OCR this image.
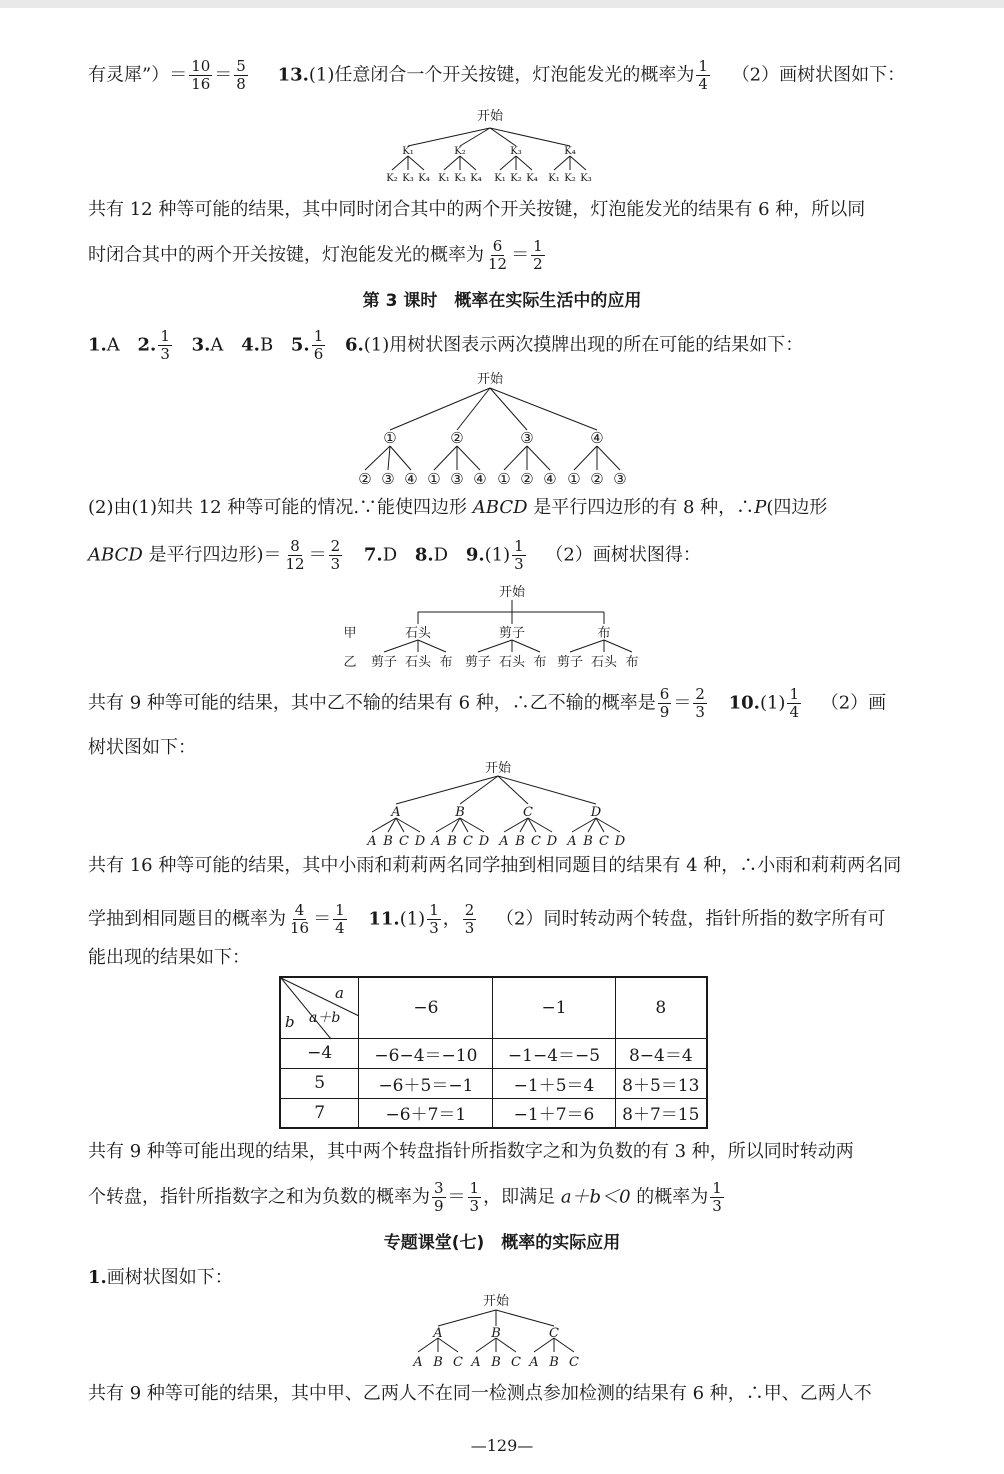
有灵犀”）＝ $\frac{10}{16} = \frac{5}{8} 13.(1)$任意闭合一个开关按键，灯泡能发光的概率为 $\frac{1}{4} (2)$画树状图如下：
开始
K₁	K₂	K₃	K₄
K₂ K₃ K₄ K₁ K₃ K₄ K₁ K₂ K₄ K₁ K₂ K₃
共有 12 种等可能的结果，其中同时闭合其中的两个开关按键，灯泡能发光的结果有 6 种，所以同
时闭合其中的两个开关按键，灯泡能发光的概率为 $\frac{6}{12} = \frac{1}{2}$
第 3 课时　概率在实际生活中的应用
1.A 2. $\frac{1}{3} 3.A$ 4.B 5. $\frac{1}{6} 6.(1)$用树状图表示两次摸牌出现的所在可能的结果如下：
开始
①	②	③	④
② ③ ④ ① ③ ④ ① ② ④ ① ② ③
(2)由(1)知共 12 种等可能的情况.∵能使四边形 ABCD 是平行四边形的有 8 种，∴P(四边形
ABCD 是平行四边形)＝ $\frac{8}{12} = \frac{2}{3} 7.D$ 8.D $9.(1) \frac{1}{3} (2)$画树状图得：
开始
甲
乙
石头	剪子	布
剪子 石头 布 剪子 石头 布 剪子 石头 布
共有 9 种等可能的结果，其中乙不输的结果有 6 种，∴乙不输的概率是 $\frac{6}{9} = \frac{2}{3} 10.(1) \frac{1}{4} (2)$画
树状图如下：
开始
A	B	C	D
A B C D A B C D A B C D A B C D
共有 16 种等可能的结果，其中小雨和莉莉两名同学抽到相同题目的结果有 4 种，∴小雨和莉莉两名同
学抽到相同题目的概率为 $\frac{4}{16} = \frac{1}{4} 11.(1) \frac{1}{3}$ ， $\frac{2}{3} (2)$同时转动两个转盘，指针所指的数字所有可
能出现的结果如下：
a
b a＋b	−6	−1	8
−4	−6−4＝−10	−1−4＝−5	8−4＝4
5	−6＋5＝−1	−1＋5＝4	8＋5＝13
7	−6＋7＝1	−1＋7＝6	8＋7＝15
共有 9 种等可能出现的结果，其中两个转盘指针所指数字之和为负数的有 3 种，所以同时转动两
个转盘，指针所指数字之和为负数的概率为 $\frac{3}{9} = \frac{1}{3}$ ，即满足 a＋b＜0 的概率为 $\frac{1}{3}$
专题课堂(七)　概率的实际应用
1.画树状图如下：
开始
A	B	C
A B C A B C A B C
共有 9 种等可能的结果，其中甲、乙两人不在同一检测点参加检测的结果有 6 种，∴甲、乙两人不
—129—
